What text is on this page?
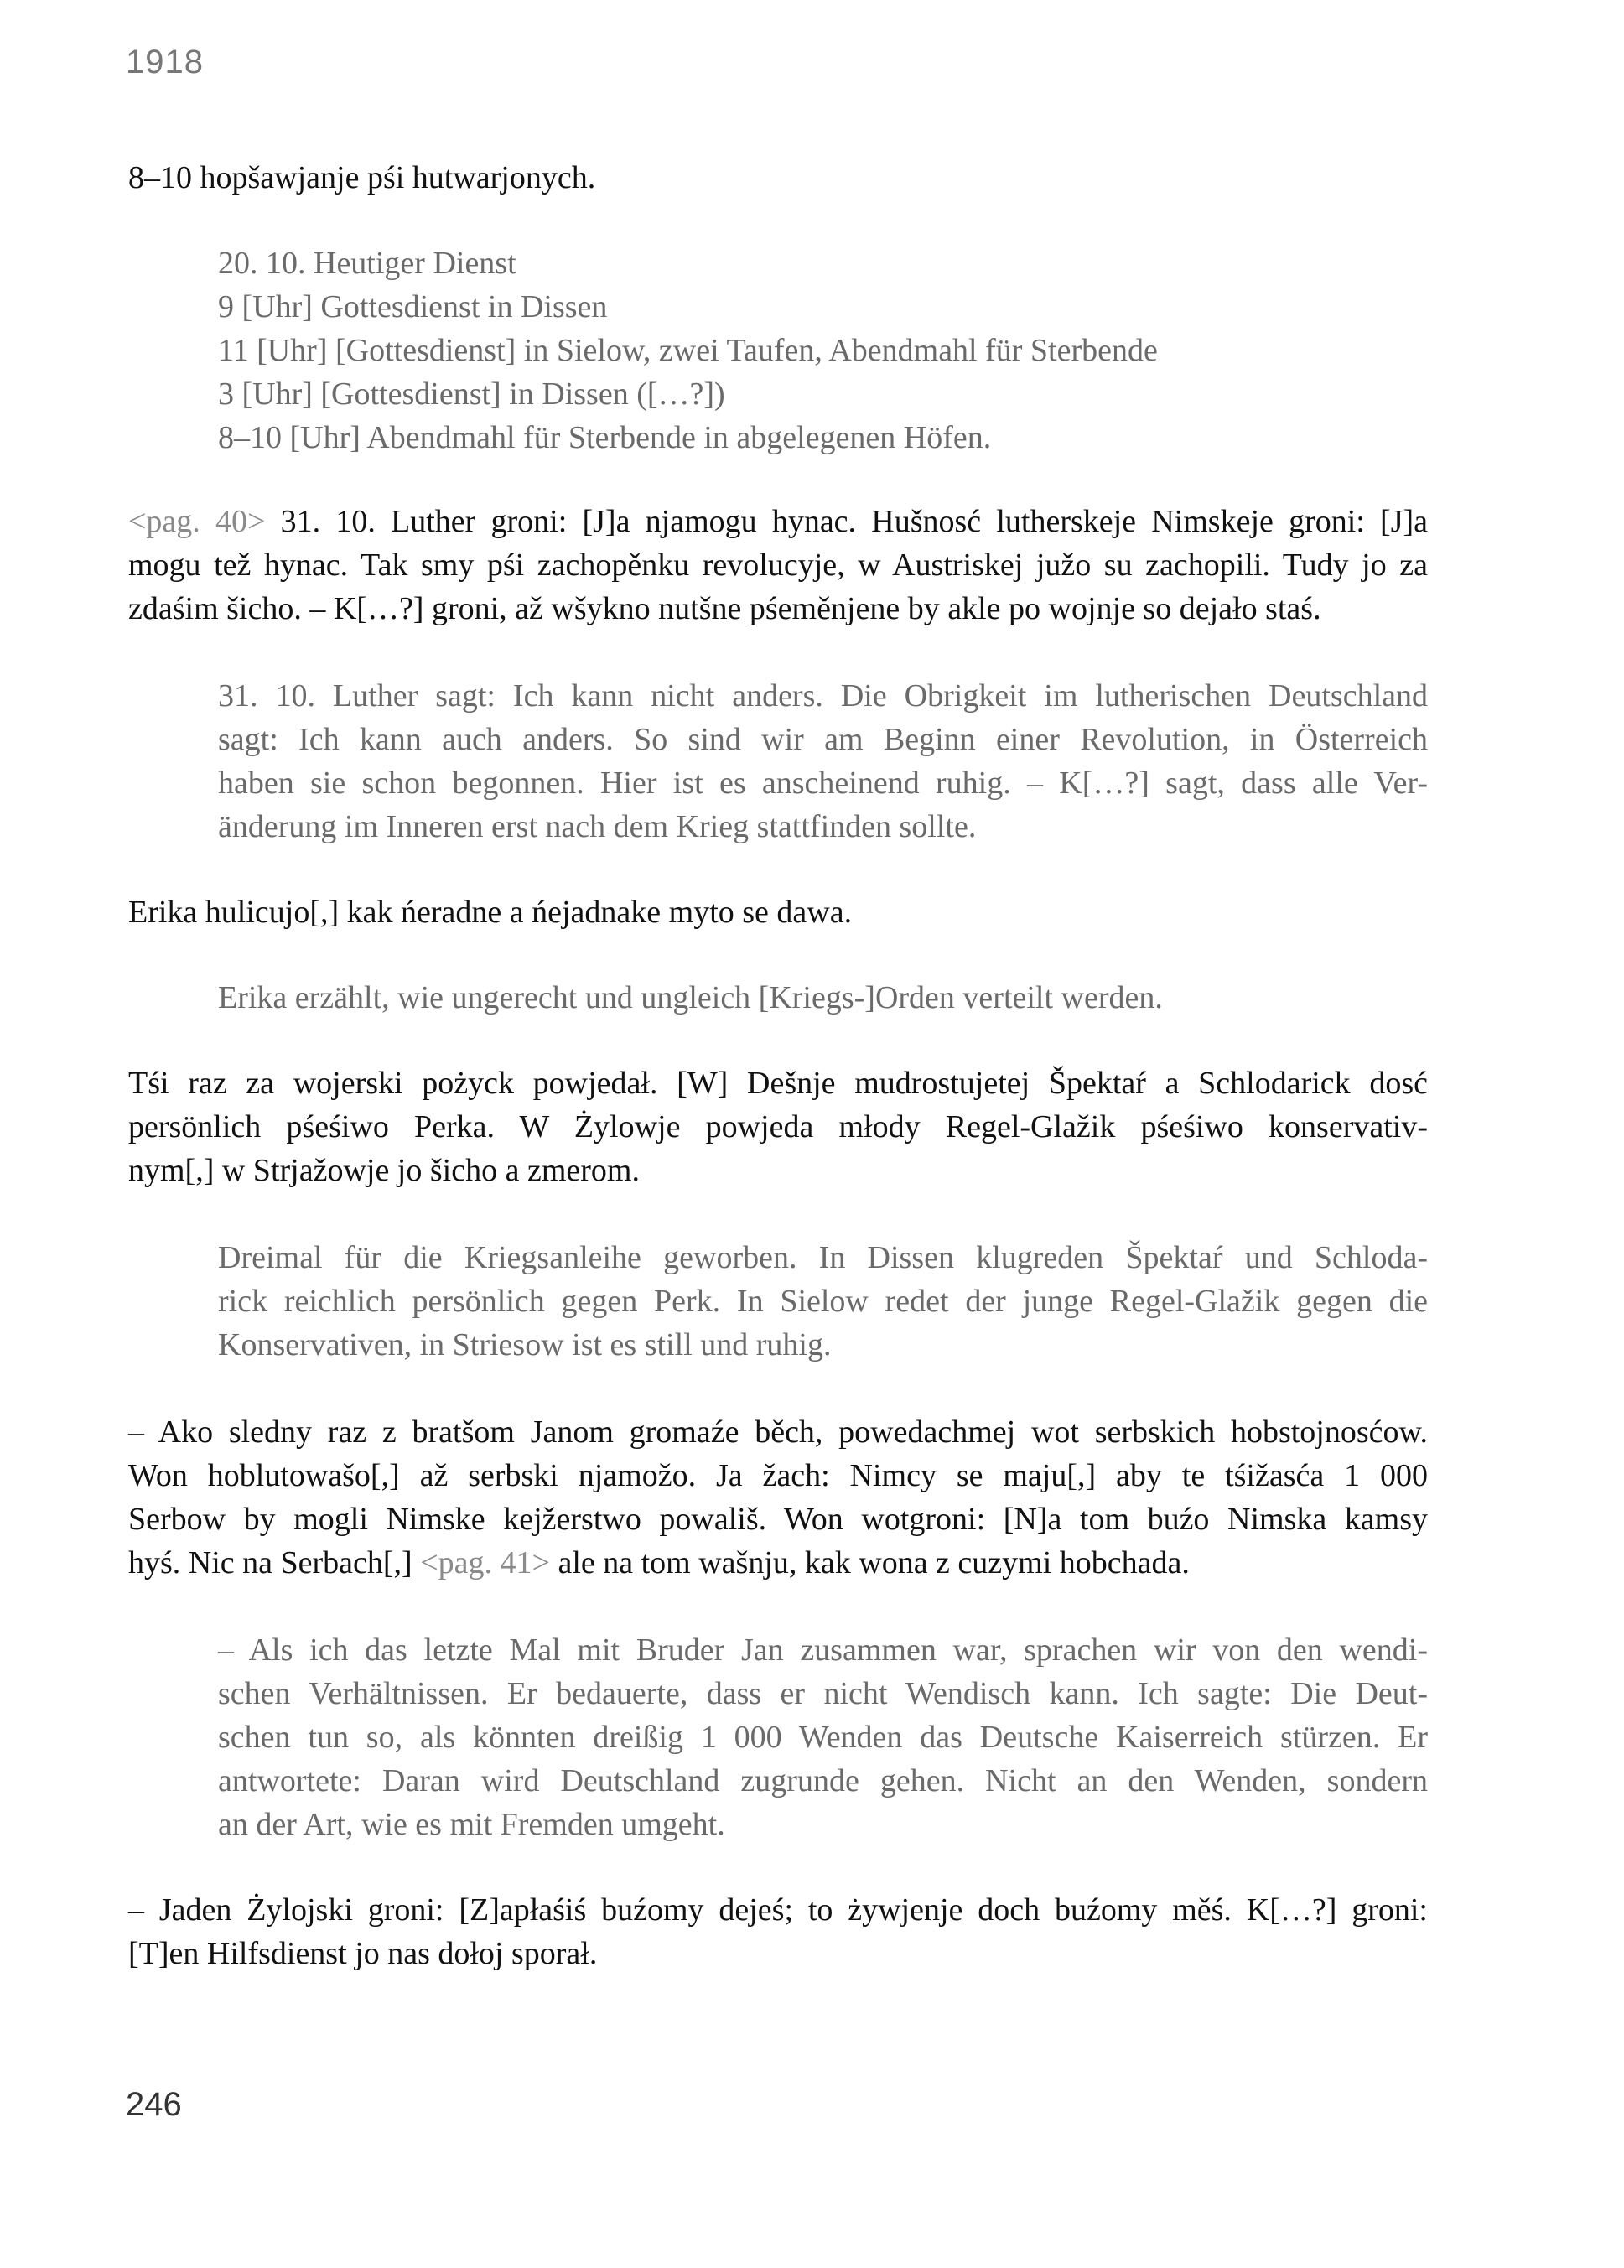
1918
8–10 hopšawjanje pśi hutwarjonych.
20. 10. Heutiger Dienst
9 [Uhr] Gottesdienst in Dissen
11 [Uhr] [Gottesdienst] in Sielow, zwei Taufen, Abendmahl für Sterbende
3 [Uhr] [Gottesdienst] in Dissen ([…?])
8–10 [Uhr] Abendmahl für Sterbende in abgelegenen Höfen.
<pag. 40> 31. 10. Luther groni: [J]a njamogu hynac. Hušnosć lutherskeje Nimskeje groni: [J]a
mogu tež hynac. Tak smy pśi zachopěnku revolucyje, w Austriskej južo su zachopili. Tudy jo za
zdaśim šicho. – K[…?] groni, až wšykno nutšne pśeměnjene by akle po wojnje so dejało staś.
31. 10. Luther sagt: Ich kann nicht anders. Die Obrigkeit im lutherischen Deutschland
sagt: Ich kann auch anders. So sind wir am Beginn einer Revolution, in Österreich
haben sie schon begonnen. Hier ist es anscheinend ruhig. – K[…?] sagt, dass alle Ver-
änderung im Inneren erst nach dem Krieg stattfinden sollte.
Erika hulicujo[,] kak ńeradne a ńejadnake myto se dawa.
Erika erzählt, wie ungerecht und ungleich [Kriegs-]Orden verteilt werden.
Tśi raz za wojerski pożyck powjedał. [W] Dešnje mudrostujetej Špektaŕ a Schlodarick dosć
persönlich pśeśiwo Perka. W Żylowje powjeda młody Regel-Glažik pśeśiwo konservativ-
nym[,] w Strjažowje jo šicho a zmerom.
Dreimal für die Kriegsanleihe geworben. In Dissen klugreden Špektaŕ und Schloda-
rick reichlich persönlich gegen Perk. In Sielow redet der junge Regel-Glažik gegen die
Konservativen, in Striesow ist es still und ruhig.
– Ako sledny raz z bratšom Janom gromaźe běch, powedachmej wot serbskich hobstojnosćow.
Won hoblutowašo[,] až serbski njamožo. Ja žach: Nimcy se maju[,] aby te tśižasća 1 000
Serbow by mogli Nimske kejžerstwo powališ. Won wotgroni: [N]a tom buźo Nimska kamsy
hyś. Nic na Serbach[,] <pag. 41> ale na tom wašnju, kak wona z cuzymi hobchada.
– Als ich das letzte Mal mit Bruder Jan zusammen war, sprachen wir von den wendi-
schen Verhältnissen. Er bedauerte, dass er nicht Wendisch kann. Ich sagte: Die Deut-
schen tun so, als könnten dreißig 1 000 Wenden das Deutsche Kaiserreich stürzen. Er
antwortete: Daran wird Deutschland zugrunde gehen. Nicht an den Wenden, sondern
an der Art, wie es mit Fremden umgeht.
– Jaden Żylojski groni: [Z]apłaśiś buźomy dejeś; to żywjenje doch buźomy měś. K[…?] groni:
[T]en Hilfsdienst jo nas dołoj sporał.
246
